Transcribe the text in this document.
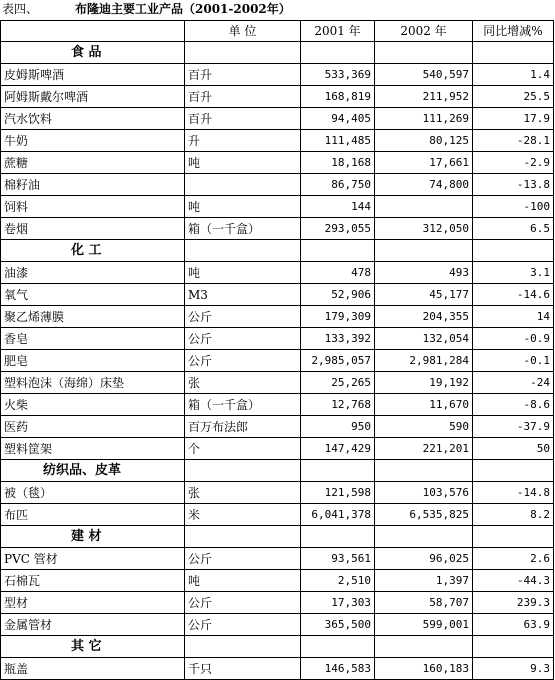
表四、	布隆迪主要工业产品（2001-2002年）
	单 位	2001 年	2002 年	同比增减%
食 品				
皮姆斯啤酒	百升	533,369	540,597	1.4
阿姆斯戴尔啤酒	百升	168,819	211,952	25.5
汽水饮料	百升	94,405	111,269	17.9
牛奶	升	111,485	80,125	-28.1
蔗糖	吨	18,168	17,661	-2.9
棉籽油		86,750	74,800	-13.8
饲料	吨	144		-100
卷烟	箱（一千盒）	293,055	312,050	6.5
化 工				
油漆	吨	478	493	3.1
氧气	M3	52,906	45,177	-14.6
聚乙烯薄膜	公斤	179,309	204,355	14
香皂	公斤	133,392	132,054	-0.9
肥皂	公斤	2,985,057	2,981,284	-0.1
塑料泡沫（海绵）床垫	张	25,265	19,192	-24
火柴	箱（一千盒）	12,768	11,670	-8.6
医药	百万布法郎	950	590	-37.9
塑料筐架	个	147,429	221,201	50
纺织品、皮革				
被（毯）	张	121,598	103,576	-14.8
布匹	米	6,041,378	6,535,825	8.2
建 材				
PVC 管材	公斤	93,561	96,025	2.6
石棉瓦	吨	2,510	1,397	-44.3
型材	公斤	17,303	58,707	239.3
金属管材	公斤	365,500	599,001	63.9
其 它				
瓶盖	千只	146,583	160,183	9.3
